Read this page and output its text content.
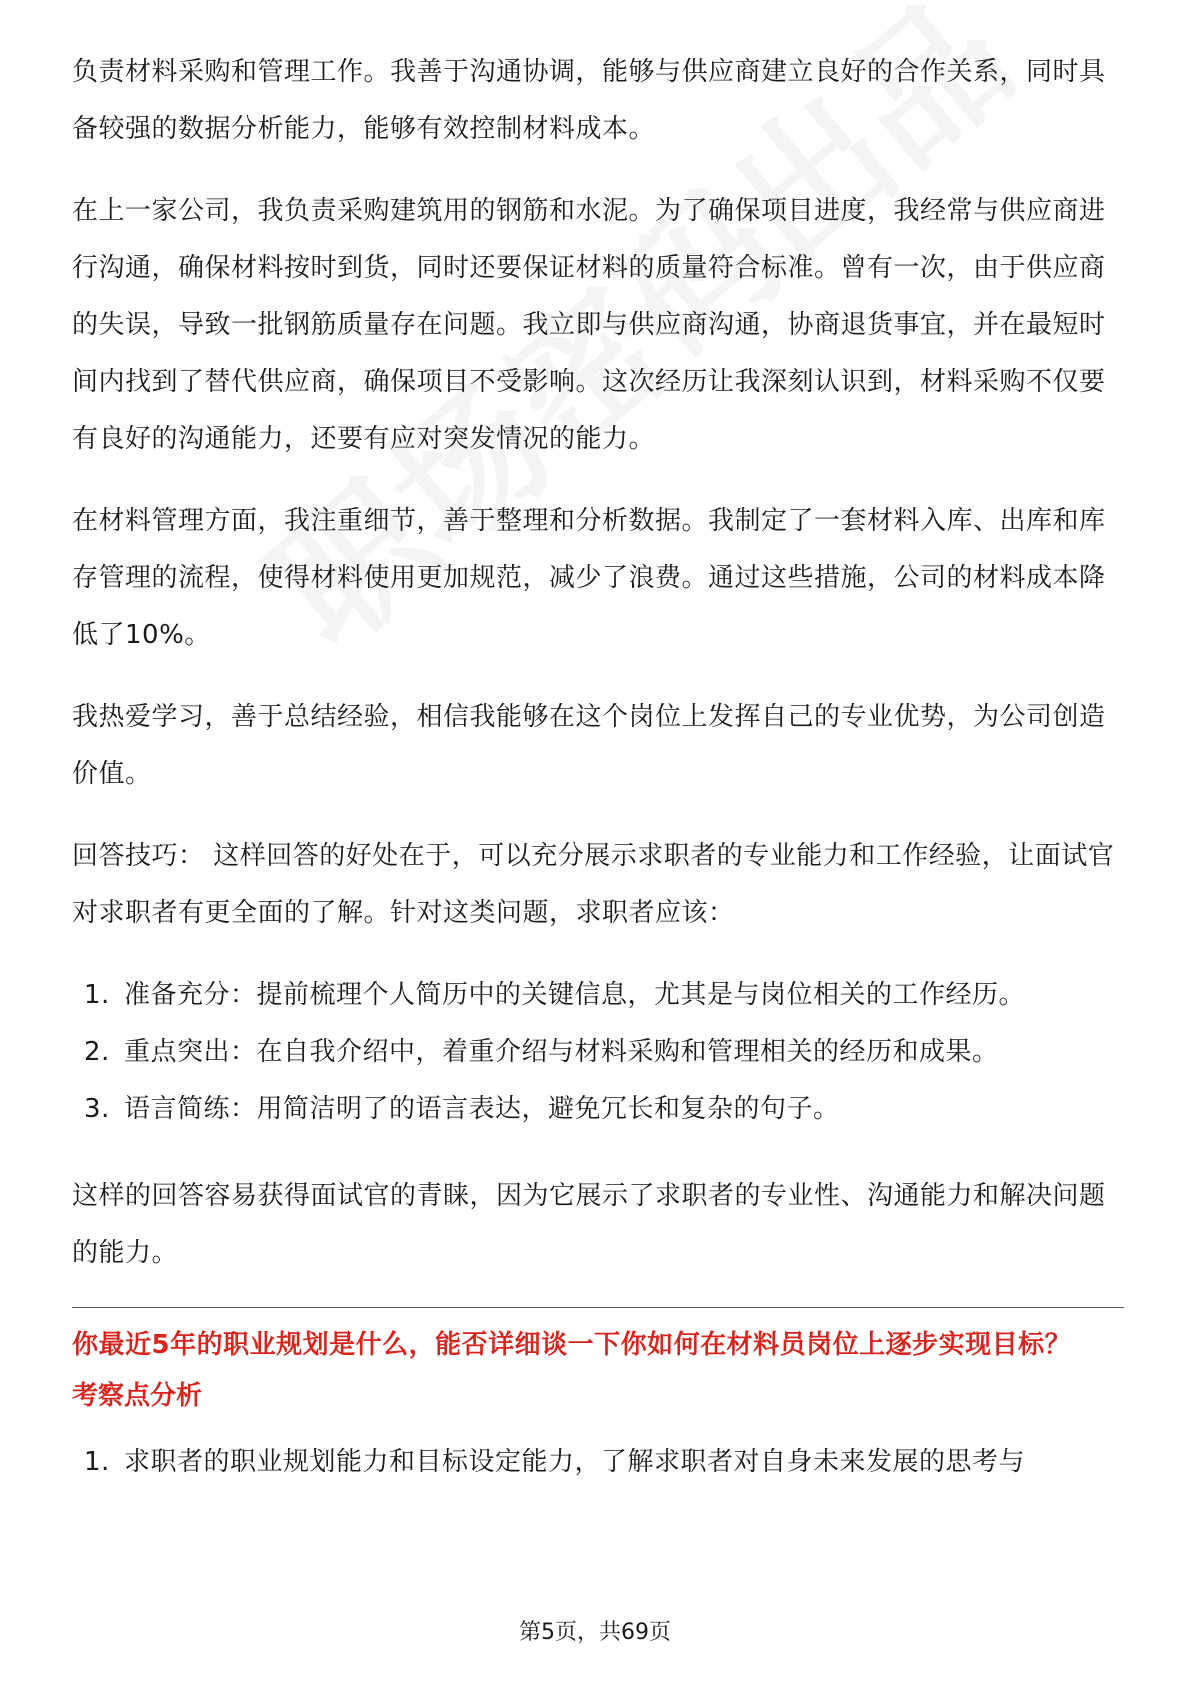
负责材料采购和管理工作。我善于沟通协调，能够与供应商建立良好的合作关系，同时具备较强的数据分析能力，能够有效控制材料成本。

在上一家公司，我负责采购建筑用的钢筋和水泥。为了确保项目进度，我经常与供应商进行沟通，确保材料按时到货，同时还要保证材料的质量符合标准。曾有一次，由于供应商的失误，导致一批钢筋质量存在问题。我立即与供应商沟通，协商退货事宜，并在最短时间内找到了替代供应商，确保项目不受影响。这次经历让我深刻认识到，材料采购不仅要有良好的沟通能力，还要有应对突发情况的能力。

在材料管理方面，我注重细节，善于整理和分析数据。我制定了一套材料入库、出库和库存管理的流程，使得材料使用更加规范，减少了浪费。通过这些措施，公司的材料成本降低了10%。

我热爱学习，善于总结经验，相信我能够在这个岗位上发挥自己的专业优势，为公司创造价值。

回答技巧： 这样回答的好处在于，可以充分展示求职者的专业能力和工作经验，让面试官对求职者有更全面的了解。针对这类问题，求职者应该：

1. 准备充分：提前梳理个人简历中的关键信息，尤其是与岗位相关的工作经历。
2. 重点突出：在自我介绍中，着重介绍与材料采购和管理相关的经历和成果。
3. 语言简练：用简洁明了的语言表达，避免冗长和复杂的句子。

这样的回答容易获得面试官的青睐，因为它展示了求职者的专业性、沟通能力和解决问题的能力。

你最近5年的职业规划是什么，能否详细谈一下你如何在材料员岗位上逐步实现目标？

考察点分析

1. 求职者的职业规划能力和目标设定能力，了解求职者对自身未来发展的思考与
第5页，共69页
